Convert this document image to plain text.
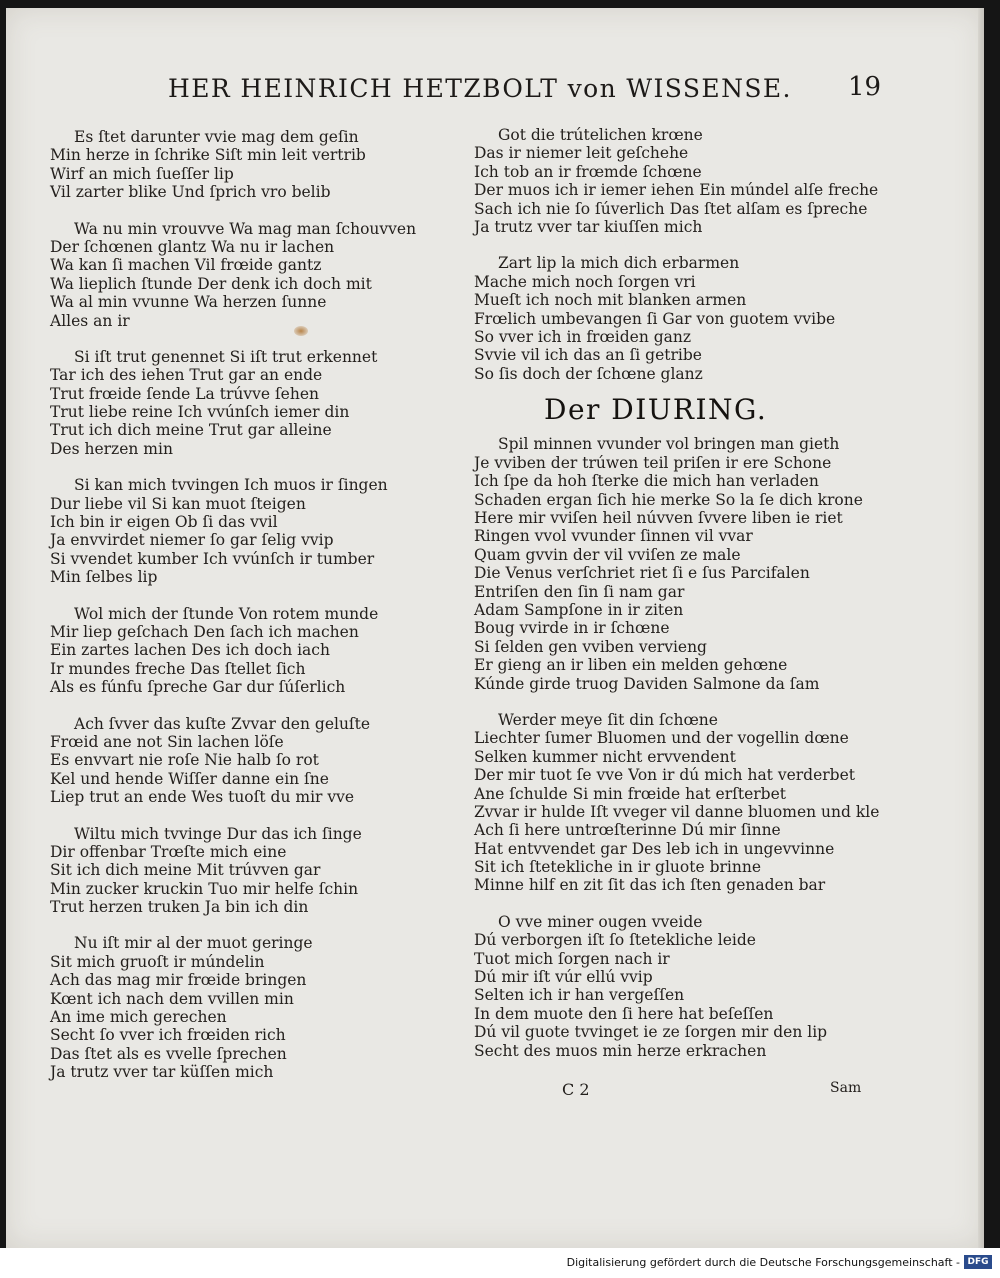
HER HEINRICH HETZBOLT von WISSENSE. 19
Es ſtet darunter vvie mag dem geſin
Min herze in ſchrike Siſt min leit vertrib
Wirf an mich ſueſſer lip
Vil zarter blike Und ſprich vro belib
Wa nu min vrouvve Wa mag man ſchouvven
Der ſchœnen glantz Wa nu ir lachen
Wa kan ſi machen Vil frœide gantz
Wa lieplich ſtunde Der denk ich doch mit
Wa al min vvunne Wa herzen ſunne
Alles an ir
Si iſt trut genennet Si iſt trut erkennet
Tar ich des iehen Trut gar an ende
Trut frœide ſende La trúvve ſehen
Trut liebe reine Ich vvúnſch iemer din
Trut ich dich meine Trut gar alleine
Des herzen min
Si kan mich tvvingen Ich muos ir ſingen
Dur liebe vil Si kan muot ſteigen
Ich bin ir eigen Ob ſi das vvil
Ja envvirdet niemer ſo gar ſelig vvip
Si vvendet kumber Ich vvúnſch ir tumber
Min ſelbes lip
Wol mich der ſtunde Von rotem munde
Mir liep geſchach Den ſach ich machen
Ein zartes lachen Des ich doch iach
Ir mundes freche Das ſtellet ſich
Als es fúnfu ſpreche Gar dur ſúſerlich
Ach ſvver das kuſte Zvvar den geluſte
Frœid ane not Sin lachen löſe
Es envvart nie roſe Nie halb ſo rot
Kel und hende Wiſſer danne ein ſne
Liep trut an ende Wes tuoſt du mir vve
Wiltu mich tvvinge Dur das ich ſinge
Dir offenbar Trœſte mich eine
Sit ich dich meine Mit trúvven gar
Min zucker kruckin Tuo mir helfe ſchin
Trut herzen truken Ja bin ich din
Nu iſt mir al der muot geringe
Sit mich gruoſt ir múndelin
Ach das mag mir frœide bringen
Kœnt ich nach dem vvillen min
An ime mich gerechen
Secht ſo vver ich frœiden rich
Das ſtet als es vvelle ſprechen
Ja trutz vver tar küſſen mich
Got die trútelichen krœne
Das ir niemer leit geſchehe
Ich tob an ir frœmde ſchœne
Der muos ich ir iemer iehen Ein múndel alſe freche
Sach ich nie ſo ſúverlich Das ſtet alſam es ſpreche
Ja trutz vver tar kiuſſen mich
Zart lip la mich dich erbarmen
Mache mich noch ſorgen vri
Mueſt ich noch mit blanken armen
Frœlich umbevangen ſi Gar von guotem vvibe
So vver ich in frœiden ganz
Svvie vil ich das an ſi getribe
So ſis doch der ſchœne glanz
Der DIURING.
Spil minnen vvunder vol bringen man gieth
Je vviben der trúwen teil priſen ir ere Schone
Ich ſpe da hoh ſterke die mich han verladen
Schaden ergan ſich hie merke So la ſe dich krone
Here mir vviſen heil núvven ſvvere liben ie riet
Ringen vvol vvunder ſinnen vil vvar
Quam gvvin der vil vviſen ze male
Die Venus verſchriet riet ſi e ſus Parcifalen
Entriſen den ſin ſi nam gar
Adam Sampſone in ir ziten
Boug vvirde in ir ſchœne
Si ſelden gen vviben vervieng
Er gieng an ir liben ein melden gehœne
Kúnde girde truog Daviden Salmone da ſam
Werder meye ſit din ſchœne
Liechter ſumer Bluomen und der vogellin dœne
Selken kummer nicht ervvendent
Der mir tuot ſe vve Von ir dú mich hat verderbet
Ane ſchulde Si min frœide hat erſterbet
Zvvar ir hulde Iſt vveger vil danne bluomen und kle
Ach ſi here untrœſterinne Dú mir ſinne
Hat entvvendet gar Des leb ich in ungevvinne
Sit ich ſtetekliche in ir gluote brinne
Minne hilf en zit ſit das ich ſten genaden bar
O vve miner ougen vveide
Dú verborgen iſt ſo ſtetekliche leide
Tuot mich ſorgen nach ir
Dú mir iſt vúr ellú vvip
Selten ich ir han vergeſſen
In dem muote den ſi here hat beſeſſen
Dú vil guote tvvinget ie ze ſorgen mir den lip
Secht des muos min herze erkrachen
C 2	Sam
Digitalisierung gefördert durch die Deutsche Forschungsgemeinschaft - DFG
